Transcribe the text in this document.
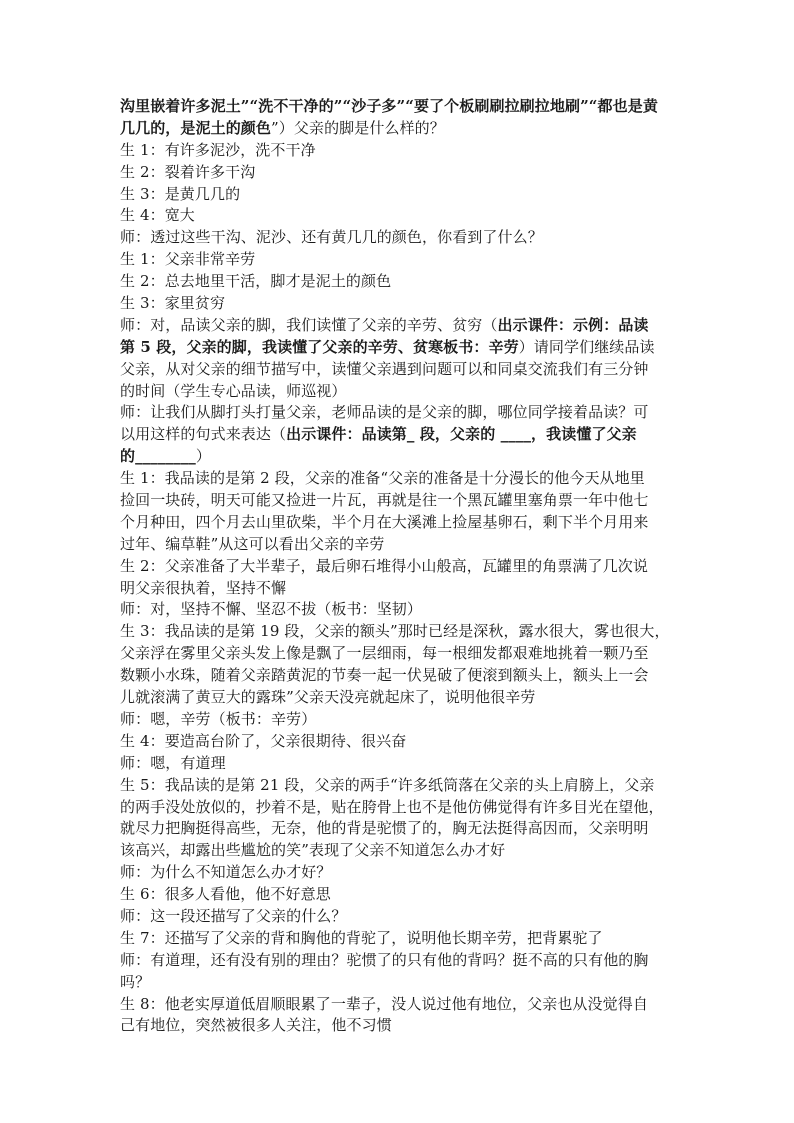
沟里嵌着许多泥土”“洗不干净的”“沙子多”“要了个板刷刷拉刷拉地刷”“都也是黄
几几的，是泥土的颜色”）父亲的脚是什么样的？
生 1：有许多泥沙，洗不干净
生 2：裂着许多干沟
生 3：是黄几几的
生 4：宽大
师：透过这些干沟、泥沙、还有黄几几的颜色，你看到了什么？
生 1：父亲非常辛劳
生 2：总去地里干活，脚才是泥土的颜色
生 3：家里贫穷
师：对，品读父亲的脚，我们读懂了父亲的辛劳、贫穷（出示课件：示例：品读
第 5 段，父亲的脚，我读懂了父亲的辛劳、贫寒板书：辛劳）请同学们继续品读
父亲，从对父亲的细节描写中，读懂父亲遇到问题可以和同桌交流我们有三分钟
的时间（学生专心品读，师巡视）
师：让我们从脚打头打量父亲，老师品读的是父亲的脚，哪位同学接着品读？可
以用这样的句式来表达（出示课件：品读第_ 段，父亲的 ____，我读懂了父亲
的________）
生 1：我品读的是第 2 段，父亲的准备“父亲的准备是十分漫长的他今天从地里
捡回一块砖，明天可能又捡进一片瓦，再就是往一个黑瓦罐里塞角票一年中他七
个月种田，四个月去山里砍柴，半个月在大溪滩上捡屋基卵石，剩下半个月用来
过年、编草鞋”从这可以看出父亲的辛劳
生 2：父亲准备了大半辈子，最后卵石堆得小山般高，瓦罐里的角票满了几次说
明父亲很执着，坚持不懈
师：对，坚持不懈、坚忍不拔（板书：坚韧）
生 3：我品读的是第 19 段，父亲的额头”那时已经是深秋，露水很大，雾也很大，
父亲浮在雾里父亲头发上像是飘了一层细雨，每一根细发都艰难地挑着一颗乃至
数颗小水珠，随着父亲踏黄泥的节奏一起一伏晃破了便滚到额头上，额头上一会
儿就滚满了黄豆大的露珠”父亲天没亮就起床了，说明他很辛劳
师：嗯，辛劳（板书：辛劳）
生 4：要造高台阶了，父亲很期待、很兴奋
师：嗯，有道理
生 5：我品读的是第 21 段，父亲的两手“许多纸筒落在父亲的头上肩膀上，父亲
的两手没处放似的，抄着不是，贴在胯骨上也不是他仿佛觉得有许多目光在望他，
就尽力把胸挺得高些，无奈，他的背是驼惯了的，胸无法挺得高因而，父亲明明
该高兴，却露出些尴尬的笑”表现了父亲不知道怎么办才好
师：为什么不知道怎么办才好？
生 6：很多人看他，他不好意思
师：这一段还描写了父亲的什么？
生 7：还描写了父亲的背和胸他的背驼了，说明他长期辛劳，把背累驼了
师：有道理，还有没有别的理由？驼惯了的只有他的背吗？挺不高的只有他的胸
吗？
生 8：他老实厚道低眉顺眼累了一辈子，没人说过他有地位，父亲也从没觉得自
己有地位，突然被很多人关注，他不习惯
